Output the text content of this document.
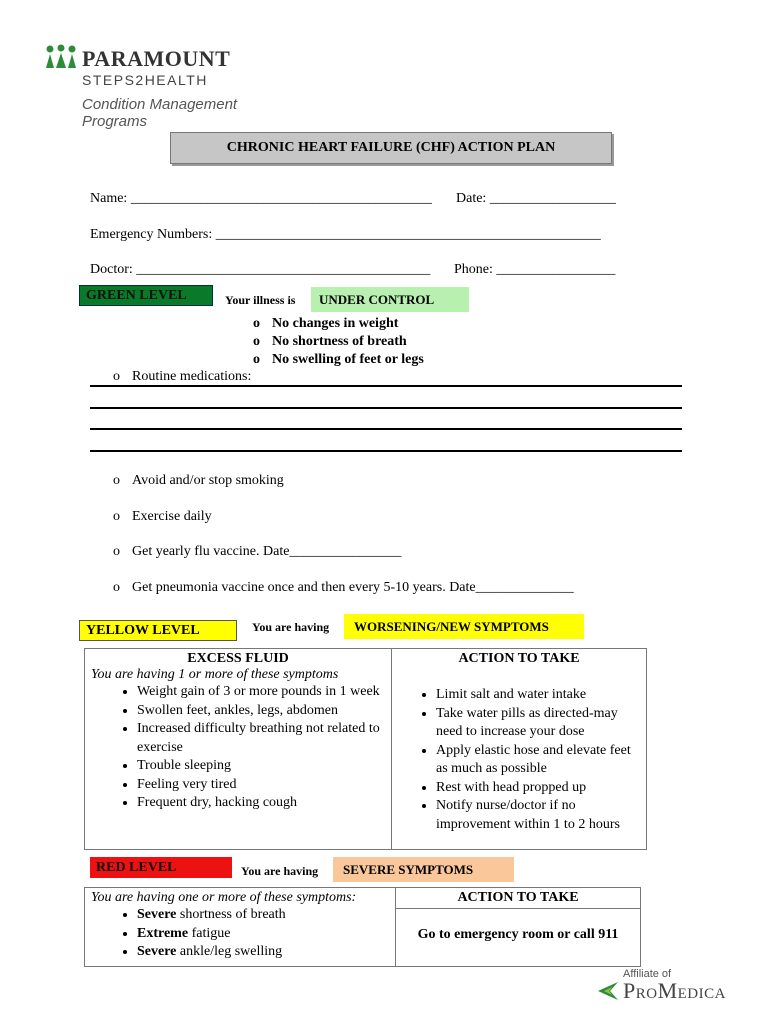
PARAMOUNT
STEPS2HEALTH
Condition Management
Programs
CHRONIC HEART FAILURE (CHF) ACTION PLAN
Name: ___________________________________________ Date: __________________
Emergency Numbers: _______________________________________________________
Doctor: __________________________________________ Phone: _________________
GREEN LEVEL	Your illness is	UNDER CONTROL
o No changes in weight
o No shortness of breath
o No swelling of feet or legs
o Routine medications:
o Avoid and/or stop smoking
o Exercise daily
o Get yearly flu vaccine. Date________________
o Get pneumonia vaccine once and then every 5-10 years. Date______________
YELLOW LEVEL	You are having	WORSENING/NEW SYMPTOMS
EXCESS FLUID
You are having 1 or more of these symptoms
• Weight gain of 3 or more pounds in 1 week
• Swollen feet, ankles, legs, abdomen
• Increased difficulty breathing not related to exercise
• Trouble sleeping
• Feeling very tired
• Frequent dry, hacking cough

ACTION TO TAKE
• Limit salt and water intake
• Take water pills as directed-may need to increase your dose
• Apply elastic hose and elevate feet as much as possible
• Rest with head propped up
• Notify nurse/doctor if no improvement within 1 to 2 hours
RED LEVEL	You are having	SEVERE SYMPTOMS
You are having one or more of these symptoms:
• Severe shortness of breath
• Extreme fatigue
• Severe ankle/leg swelling

ACTION TO TAKE
Go to emergency room or call 911
Affiliate of
ProMedica
